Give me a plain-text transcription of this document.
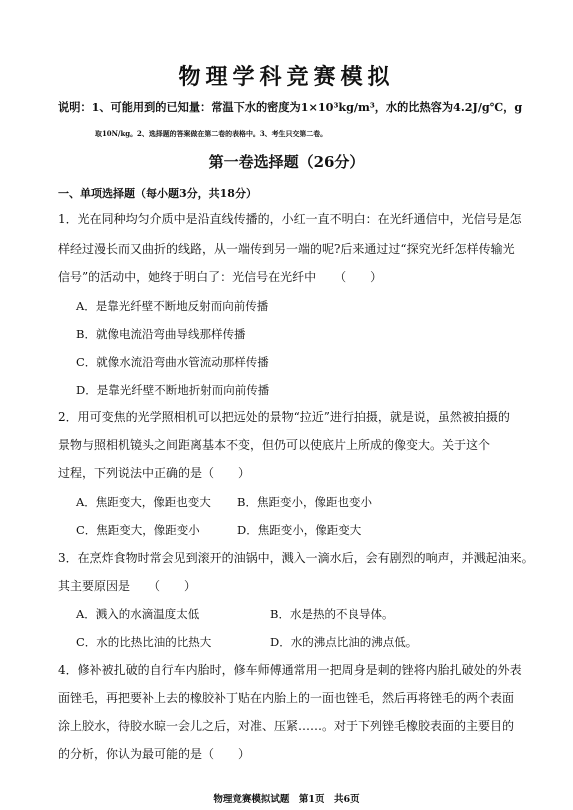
物理学科竞赛模拟
说明：1、可能用到的已知量：常温下水的密度为1×10³kg/m³，水的比热容为4.2J/g℃，g
取10N/kg。2、选择题的答案做在第二卷的表格中。3、考生只交第二卷。
第一卷选择题（26分）
一、单项选择题（每小题3分，共18分）
1．光在同种均匀介质中是沿直线传播的，小红一直不明白：在光纤通信中，光信号是怎
样经过漫长而又曲折的线路，从一端传到另一端的呢?后来通过过“探究光纤怎样传输光
信号”的活动中，她终于明白了：光信号在光纤中　　（　　）
A．是靠光纤壁不断地反射而向前传播
B．就像电流沿弯曲导线那样传播
C．就像水流沿弯曲水管流动那样传播
D．是靠光纤壁不断地折射而向前传播
2．用可变焦的光学照相机可以把远处的景物“拉近”进行拍摄，就是说，虽然被拍摄的
景物与照相机镜头之间距离基本不变，但仍可以使底片上所成的像变大。关于这个
过程，下列说法中正确的是（　　）
A．焦距变大，像距也变大 B．焦距变小，像距也变小
C．焦距变大，像距变小	D．焦距变小，像距变大
3．在烹炸食物时常会见到滚开的油锅中，溅入一滴水后，会有剧烈的响声，并溅起油来。
其主要原因是　　（　　）
A．溅入的水滴温度太低	B．水是热的不良导体。
C．水的比热比油的比热大	D．水的沸点比油的沸点低。
4．修补被扎破的自行车内胎时，修车师傅通常用一把周身是刺的锉将内胎扎破处的外表
面锉毛，再把要补上去的橡胶补丁贴在内胎上的一面也锉毛，然后再将锉毛的两个表面
涂上胶水，待胶水晾一会儿之后，对准、压紧……。对于下列锉毛橡胶表面的主要目的
的分析，你认为最可能的是（　　）
物理竞赛模拟试题　第1页　共6页
